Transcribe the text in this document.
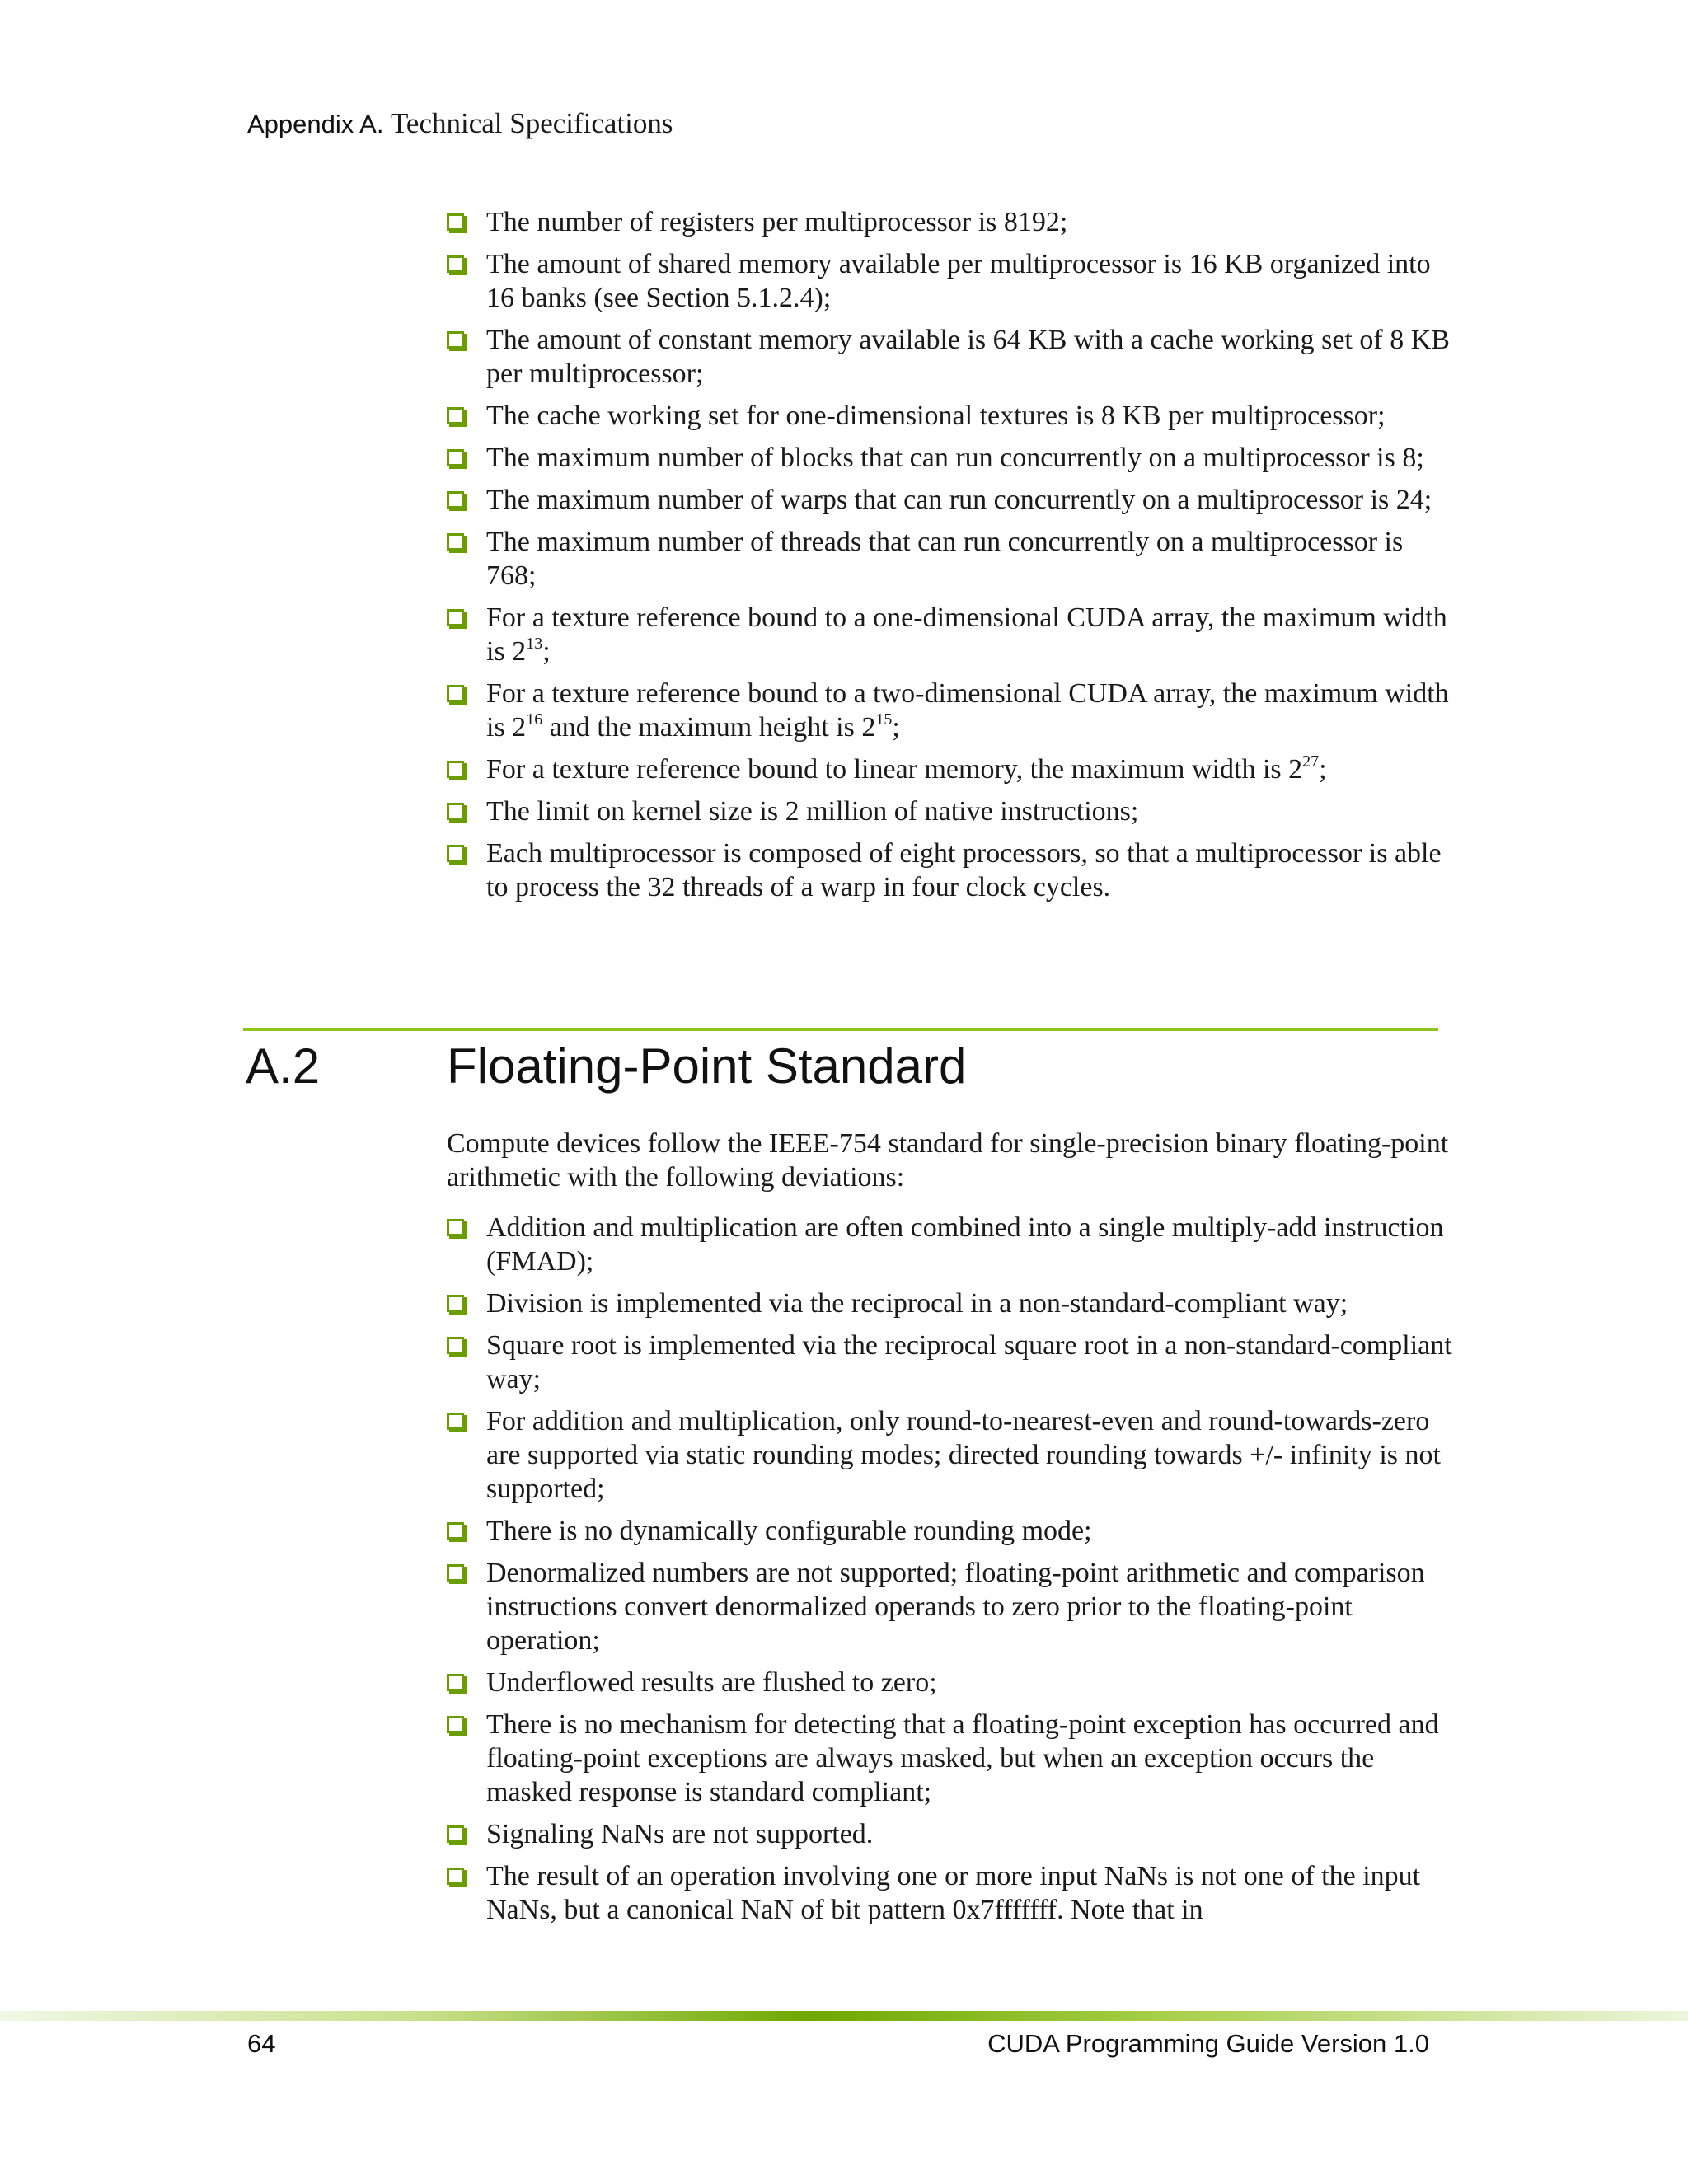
Appendix A. Technical Specifications
The number of registers per multiprocessor is 8192;
The amount of shared memory available per multiprocessor is 16 KB organized into 16 banks (see Section 5.1.2.4);
The amount of constant memory available is 64 KB with a cache working set of 8 KB per multiprocessor;
The cache working set for one-dimensional textures is 8 KB per multiprocessor;
The maximum number of blocks that can run concurrently on a multiprocessor is 8;
The maximum number of warps that can run concurrently on a multiprocessor is 24;
The maximum number of threads that can run concurrently on a multiprocessor is 768;
For a texture reference bound to a one-dimensional CUDA array, the maximum width is $2^{13}$;
For a texture reference bound to a two-dimensional CUDA array, the maximum width is $2^{16}$ and the maximum height is $2^{15}$;
For a texture reference bound to linear memory, the maximum width is $2^{27}$;
The limit on kernel size is 2 million of native instructions;
Each multiprocessor is composed of eight processors, so that a multiprocessor is able to process the 32 threads of a warp in four clock cycles.
A.2	Floating-Point Standard

Compute devices follow the IEEE-754 standard for single-precision binary floating-point arithmetic with the following deviations:

Addition and multiplication are often combined into a single multiply-add instruction (FMAD);
Division is implemented via the reciprocal in a non-standard-compliant way;
Square root is implemented via the reciprocal square root in a non-standard-compliant way;
For addition and multiplication, only round-to-nearest-even and round-towards-zero are supported via static rounding modes; directed rounding towards +/- infinity is not supported;
There is no dynamically configurable rounding mode;
Denormalized numbers are not supported; floating-point arithmetic and comparison instructions convert denormalized operands to zero prior to the floating-point operation;
Underflowed results are flushed to zero;
There is no mechanism for detecting that a floating-point exception has occurred and floating-point exceptions are always masked, but when an exception occurs the masked response is standard compliant;
Signaling NaNs are not supported.
The result of an operation involving one or more input NaNs is not one of the input NaNs, but a canonical NaN of bit pattern 0x7fffffff. Note that in
64	CUDA Programming Guide Version 1.0
